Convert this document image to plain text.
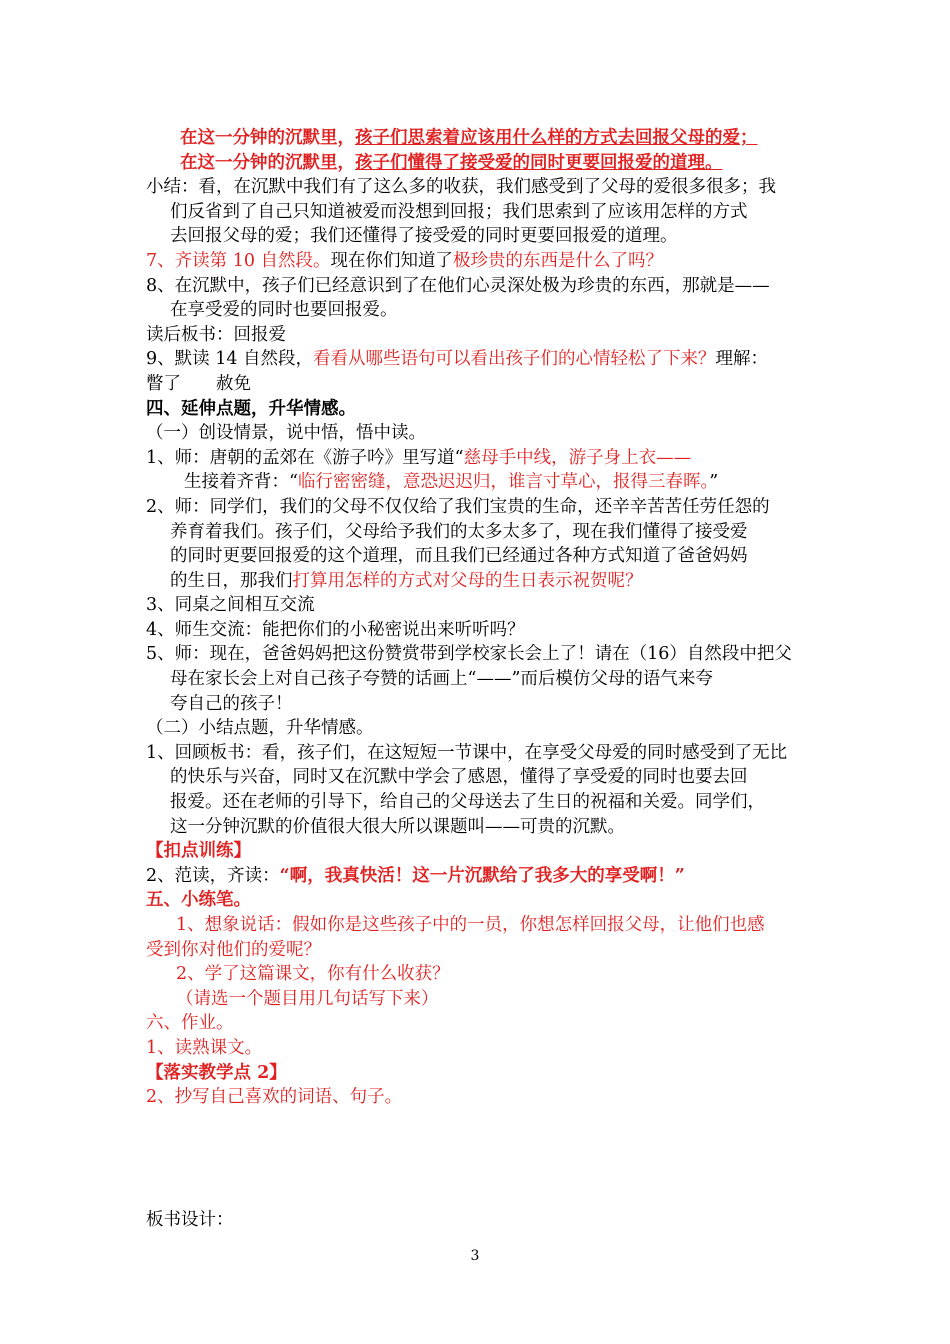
在这一分钟的沉默里，孩子们思索着应该用什么样的方式去回报父母的爱；
在这一分钟的沉默里，孩子们懂得了接受爱的同时更要回报爱的道理。
小结：看，在沉默中我们有了这么多的收获，我们感受到了父母的爱很多很多；我
们反省到了自己只知道被爱而没想到回报；我们思索到了应该用怎样的方式
去回报父母的爱；我们还懂得了接受爱的同时更要回报爱的道理。
7、齐读第 10 自然段。现在你们知道了极珍贵的东西是什么了吗？
8、在沉默中，孩子们已经意识到了在他们心灵深处极为珍贵的东西，那就是——
在享受爱的同时也要回报爱。
读后板书：回报爱
9、默读 14 自然段，看看从哪些语句可以看出孩子们的心情轻松了下来？理解：
瞥了　　赦免
四、延伸点题，升华情感。
（一）创设情景，说中悟，悟中读。
1、师：唐朝的孟郊在《游子吟》里写道“慈母手中线，游子身上衣——
生接着齐背：“临行密密缝，意恐迟迟归，谁言寸草心，报得三春晖。”
2、师：同学们，我们的父母不仅仅给了我们宝贵的生命，还辛辛苦苦任劳任怨的
养育着我们。孩子们，父母给予我们的太多太多了，现在我们懂得了接受爱
的同时更要回报爱的这个道理，而且我们已经通过各种方式知道了爸爸妈妈
的生日，那我们打算用怎样的方式对父母的生日表示祝贺呢？
3、同桌之间相互交流
4、师生交流：能把你们的小秘密说出来听听吗？
5、师：现在，爸爸妈妈把这份赞赏带到学校家长会上了！请在（16）自然段中把父
母在家长会上对自己孩子夸赞的话画上“——”而后模仿父母的语气来夸
夸自己的孩子！
（二）小结点题，升华情感。
1、回顾板书：看，孩子们，在这短短一节课中，在享受父母爱的同时感受到了无比
的快乐与兴奋，同时又在沉默中学会了感恩，懂得了享受爱的同时也要去回
报爱。还在老师的引导下，给自己的父母送去了生日的祝福和关爱。同学们，
这一分钟沉默的价值很大很大所以课题叫——可贵的沉默。
【扣点训练】
2、范读，齐读：“啊，我真快活！这一片沉默给了我多大的享受啊！”
五、小练笔。
1、想象说话：假如你是这些孩子中的一员，你想怎样回报父母，让他们也感
受到你对他们的爱呢？
2、学了这篇课文，你有什么收获？
（请选一个题目用几句话写下来）
六、作业。
1、读熟课文。
【落实教学点 2】
2、抄写自己喜欢的词语、句子。
板书设计：
3
